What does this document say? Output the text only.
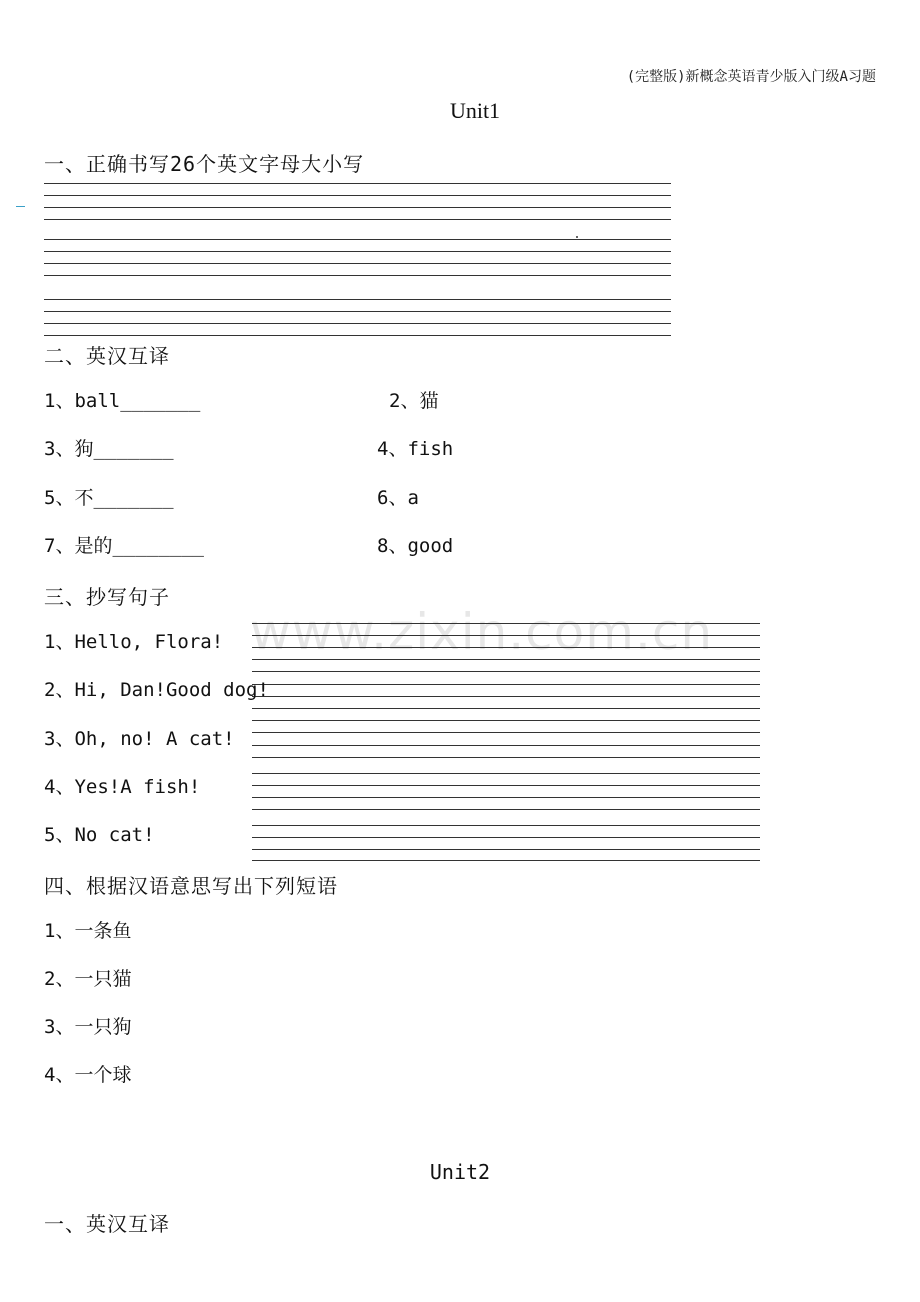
(完整版)新概念英语青少版入门级A习题
Unit1
一、正确书写26个英文字母大小写
二、英汉互译
1、ball_______	2、猫
3、狗_______	4、fish
5、不_______	6、a
7、是的________	8、good
三、抄写句子
www.zixin.com.cn
1、Hello, Flora!
2、Hi, Dan!Good dog!
3、Oh, no! A cat!
4、Yes!A fish!
5、No cat!
四、根据汉语意思写出下列短语
1、一条鱼
2、一只猫
3、一只狗
4、一个球
Unit2
一、英汉互译
